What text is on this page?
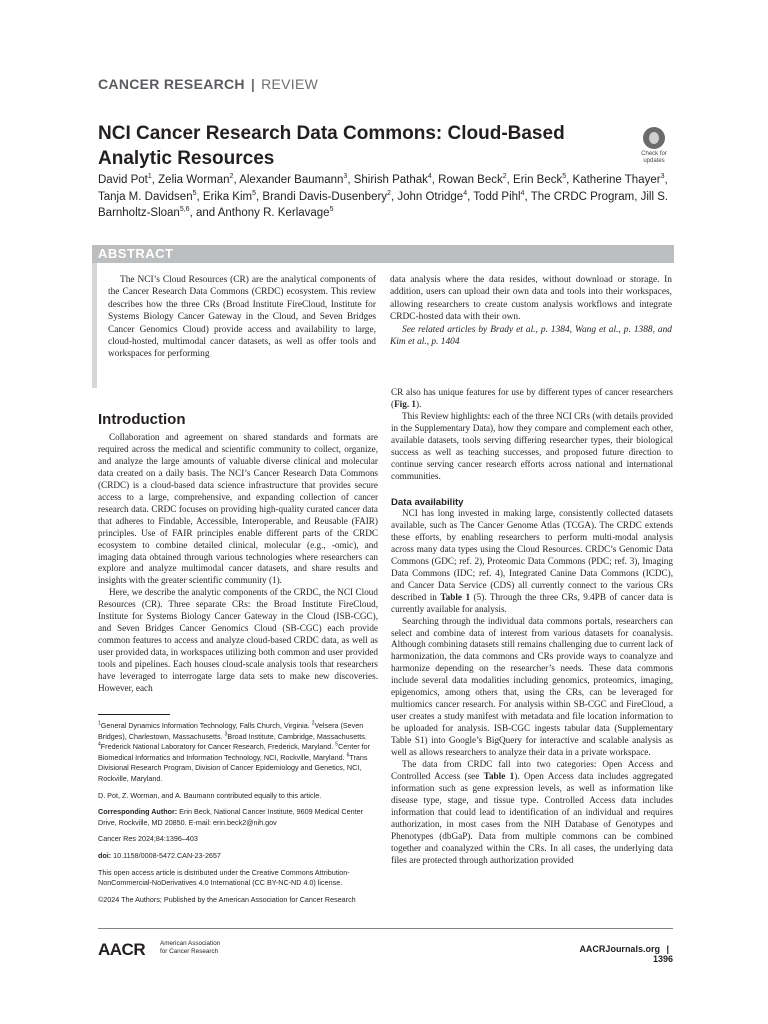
CANCER RESEARCH | REVIEW
NCI Cancer Research Data Commons: Cloud-Based Analytic Resources	Check for updates
David Pot$^1$, Zelia Worman$^2$, Alexander Baumann$^3$, Shirish Pathak$^4$, Rowan Beck$^2$, Erin Beck$^5$, Katherine Thayer$^3$, Tanja M. Davidsen$^5$, Erika Kim$^5$, Brandi Davis-Dusenbery$^2$, John Otridge$^4$, Todd Pihl$^4$, The CRDC Program, Jill S. Barnholtz-Sloan$^{5,6}$, and Anthony R. Kerlavage$^5$
ABSTRACT
The NCI’s Cloud Resources (CR) are the analytical components of the Cancer Research Data Commons (CRDC) ecosystem. This review describes how the three CRs (Broad Institute FireCloud, Institute for Systems Biology Cancer Gateway in the Cloud, and Seven Bridges Cancer Genomics Cloud) provide access and availability to large, cloud-hosted, multimodal cancer datasets, as well as offer tools and workspaces for performing
data analysis where the data resides, without download or storage. In addition, users can upload their own data and tools into their workspaces, allowing researchers to create custom analysis workflows and integrate CRDC-hosted data with their own.
See related articles by Brady et al., p. 1384, Wang et al., p. 1388, and Kim et al., p. 1404
Introduction

Collaboration and agreement on shared standards and formats are required across the medical and scientific community to collect, organize, and analyze the large amounts of valuable diverse clinical and molecular data created on a daily basis. The NCI’s Cancer Research Data Commons (CRDC) is a cloud-based data science infrastructure that provides secure access to a large, comprehensive, and expanding collection of cancer research data. CRDC focuses on providing high-quality curated cancer data that adheres to Findable, Accessible, Interoperable, and Reusable (FAIR) principles. Use of FAIR principles enable different parts of the CRDC ecosystem to combine detailed clinical, molecular (e.g., -omic), and imaging data obtained through various technologies where researchers can explore and analyze multimodal cancer datasets, and share results and insights with the greater scientific community (1).

Here, we describe the analytic components of the CRDC, the NCI Cloud Resources (CR). Three separate CRs: the Broad Institute FireCloud, Institute for Systems Biology Cancer Gateway in the Cloud (ISB-CGC), and Seven Bridges Cancer Genomics Cloud (SB-CGC) each provide common features to access and analyze cloud-based CRDC data, as well as user provided data, in workspaces utilizing both common and user provided tools and pipelines. Each houses cloud-scale analysis tools that researchers have leveraged to interrogate large data sets to make new discoveries. However, each

CR also has unique features for use by different types of cancer researchers (Fig. 1).

This Review highlights: each of the three NCI CRs (with details provided in the Supplementary Data), how they compare and complement each other, available datasets, tools serving differing researcher types, their biological success as well as teaching successes, and proposed future direction to continue serving cancer research efforts across national and international communities.

Data availability

NCI has long invested in making large, consistently collected datasets available, such as The Cancer Genome Atlas (TCGA). The CRDC extends these efforts, by enabling researchers to perform multi-modal analysis across many data types using the Cloud Resources. CRDC’s Genomic Data Commons (GDC; ref. 2), Proteomic Data Commons (PDC; ref. 3), Imaging Data Commons (IDC; ref. 4), Integrated Canine Data Commons (ICDC), and Cancer Data Service (CDS) all currently connect to the various CRs described in Table 1 (5). Through the three CRs, 9.4PB of cancer data is currently available for analysis.

Searching through the individual data commons portals, researchers can select and combine data of interest from various datasets for coanalysis. Although combining datasets still remains challenging due to current lack of harmonization, the data commons and CRs provide ways to coanalyze and harmonize depending on the researcher’s needs. These data commons include several data modalities including genomics, proteomics, imaging, epigenomics, among others that, using the CRs, can be leveraged for multiomics cancer research. For analysis within SB-CGC and FireCloud, a user creates a study manifest with metadata and file location information to be uploaded for analysis. ISB-CGC ingests tabular data (Supplementary Table S1) into Google’s BigQuery for interactive and scalable analysis as well as allows researchers to analyze their data in a private workspace.

The data from CRDC fall into two categories: Open Access and Controlled Access (see Table 1). Open Access data includes aggregated information such as gene expression levels, as well as information like disease type, stage, and tissue type. Controlled Access data includes information that could lead to identification of an individual and requires authorization, in most cases from the NIH Database of Genotypes and Phenotypes (dbGaP). Data from multiple commons can be combined together and coanalyzed within the CRs. In all cases, the underlying data files are protected through authorization provided

$^1$General Dynamics Information Technology, Falls Church, Virginia. $^2$Velsera (Seven Bridges), Charlestown, Massachusetts. $^3$Broad Institute, Cambridge, Massachusetts. $^4$Frederick National Laboratory for Cancer Research, Frederick, Maryland. $^5$Center for Biomedical Informatics and Information Technology, NCI, Rockville, Maryland. $^6$Trans Divisional Research Program, Division of Cancer Epidemiology and Genetics, NCI, Rockville, Maryland.

D. Pot, Z. Worman, and A. Baumann contributed equally to this article.

Corresponding Author: Erin Beck, National Cancer Institute, 9609 Medical Center Drive, Rockville, MD 20850. E-mail: erin.beck2@nih.gov

Cancer Res 2024;84:1396–403

doi: 10.1158/0008-5472.CAN-23-2657

This open access article is distributed under the Creative Commons Attribution-NonCommercial-NoDerivatives 4.0 International (CC BY-NC-ND 4.0) license.

©2024 The Authors; Published by the American Association for Cancer Research

AACR American Association
for Cancer Research	AACRJournals.org | 1396
